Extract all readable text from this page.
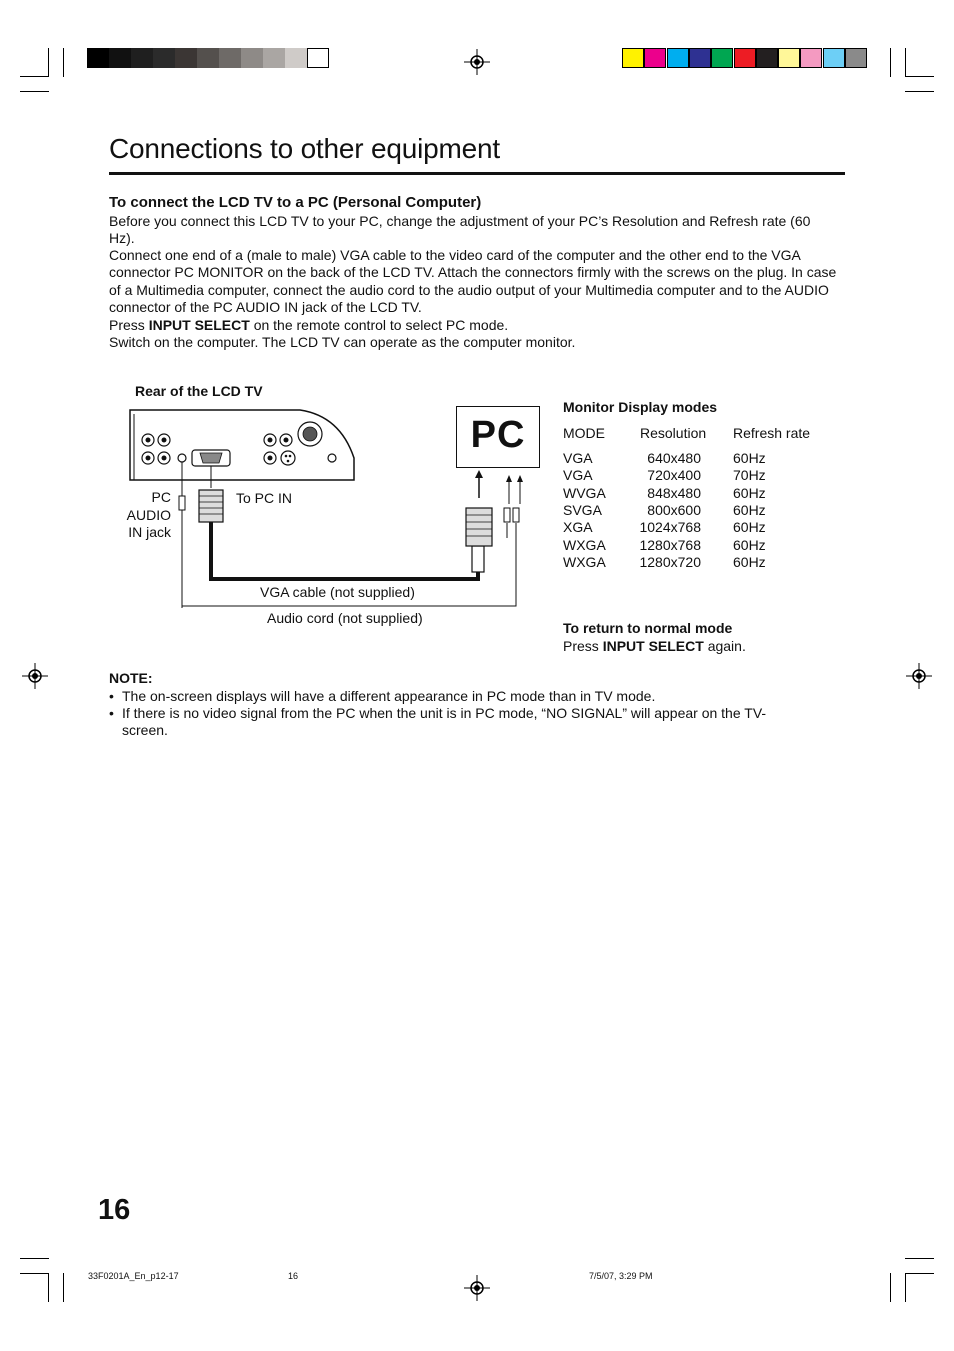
Connections to other equipment
To connect the LCD TV to a PC (Personal Computer)

Before you connect this LCD TV to your PC, change the adjustment of your PC’s Resolution and Refresh rate (60 Hz).

Connect one end of a (male to male) VGA cable to the video card of the computer and the other end to the VGA connector PC MONITOR on the back of the LCD TV. Attach the connectors firmly with the screws on the plug. In case of a Multimedia computer, connect the audio cord to the audio output of your Multimedia computer and to the AUDIO connector of the PC AUDIO IN jack of the LCD TV.

Press INPUT SELECT on the remote control to select PC mode.

Switch on the computer. The LCD TV can operate as the computer monitor.

Rear of the LCD TV
PC
PC
AUDIO
IN jack
To PC IN
VGA cable (not supplied)
Audio cord (not supplied)
Monitor Display modes
MODE	Resolution Refresh rate
VGA	640x480 60Hz
VGA	720x400 70Hz
WVGA	848x480 60Hz
SVGA	800x600 60Hz
XGA	1024x768 60Hz
WXGA	1280x768 60Hz
WXGA	1280x720 60Hz
To return to normal mode
Press INPUT SELECT again.
NOTE:
• The on-screen displays will have a different appearance in PC mode than in TV mode.
• If there is no video signal from the PC when the unit is in PC mode, “NO SIGNAL” will appear on the TV-screen.
16
33F0201A_En_p12-17	16	7/5/07, 3:29 PM
